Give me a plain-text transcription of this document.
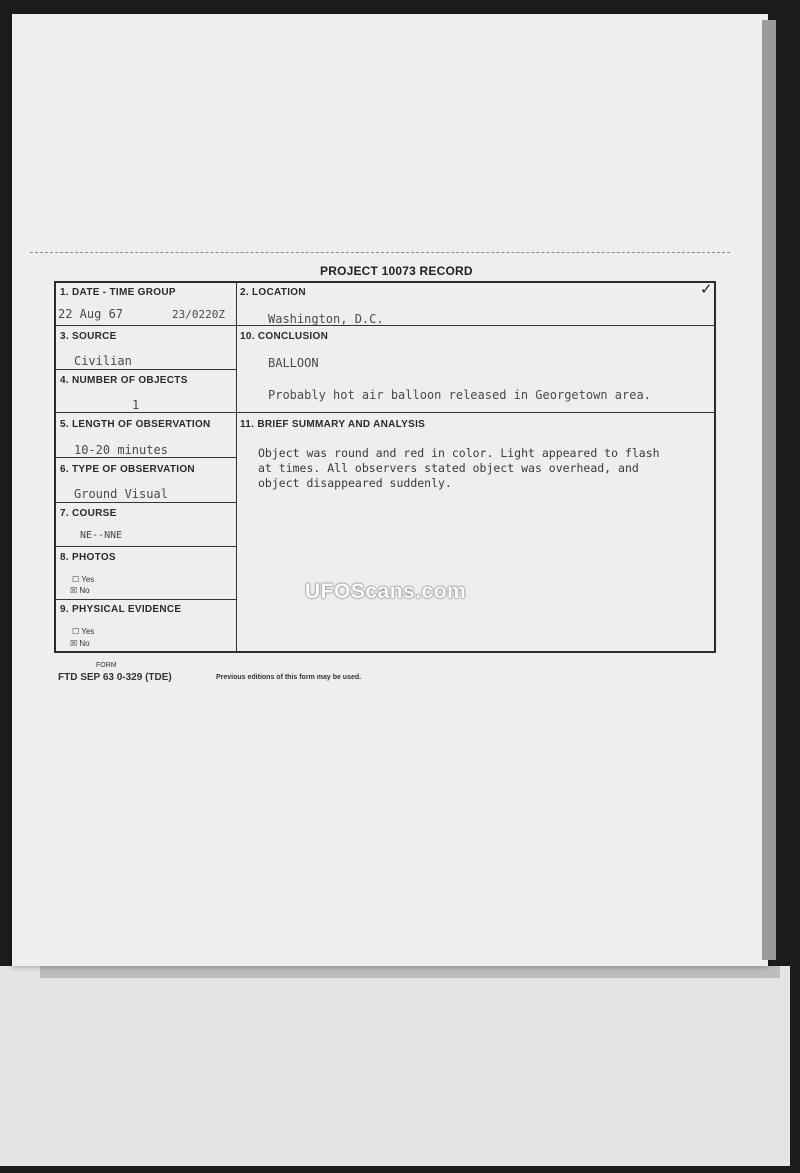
PROJECT 10073 RECORD
✓
1. DATE - TIME GROUP
22 Aug 67	23/0220Z
3. SOURCE
Civilian
4. NUMBER OF OBJECTS
1
5. LENGTH OF OBSERVATION
10-20 minutes
6. TYPE OF OBSERVATION
Ground Visual
7. COURSE
NE--NNE
8. PHOTOS
☐ Yes
☒ No
9. PHYSICAL EVIDENCE
☐ Yes
☒ No
2. LOCATION
Washington, D.C.
10. CONCLUSION
BALLOON
Probably hot air balloon released in Georgetown area.
11. BRIEF SUMMARY AND ANALYSIS
Object was round and red in color. Light appeared to flash
at times. All observers stated object was overhead, and
object disappeared suddenly.
UFOScans.com
FORM
FTD SEP 63 0-329 (TDE)	Previous editions of this form may be used.
